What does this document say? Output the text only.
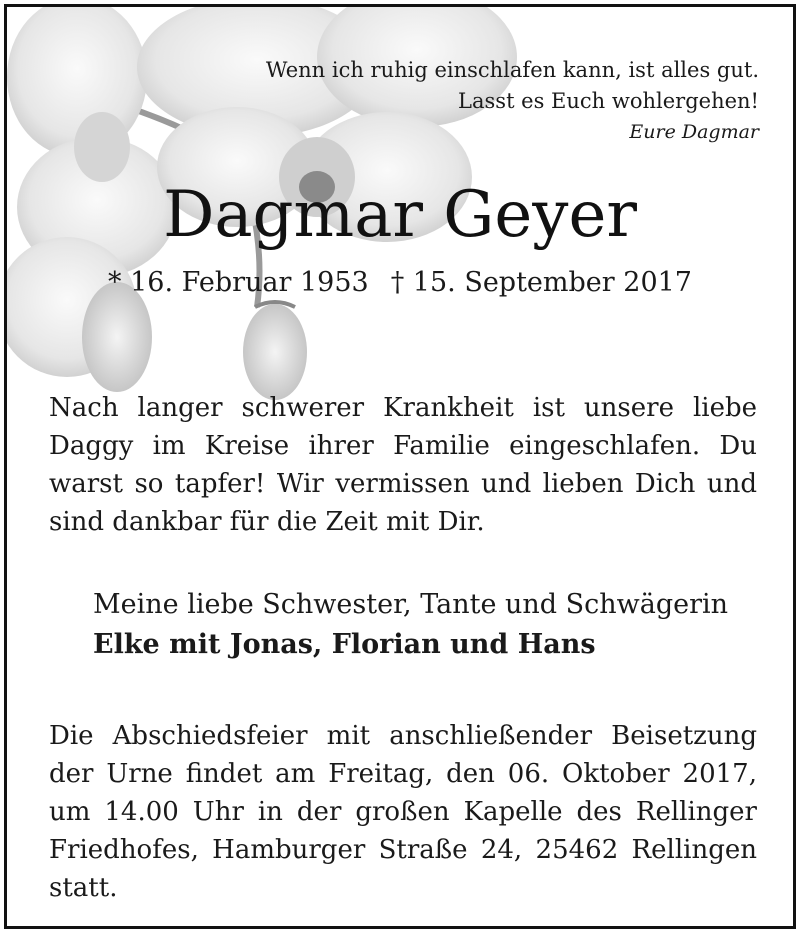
Wenn ich ruhig einschlafen kann, ist alles gut.
Lasst es Euch wohlergehen!
Eure Dagmar
Dagmar Geyer
* 16. Februar 1953 † 15. September 2017
Nach langer schwerer Krankheit ist unsere liebe Daggy im Kreise ihrer Familie eingeschlafen. Du warst so tapfer! Wir vermissen und lieben Dich und sind dankbar für die Zeit mit Dir.
Meine liebe Schwester, Tante und Schwägerin
Elke mit Jonas, Florian und Hans
Die Abschiedsfeier mit anschließender Beisetzung der Urne findet am Freitag, den 06. Oktober 2017, um 14.00 Uhr in der großen Kapelle des Rellinger Friedhofes, Hamburger Straße 24, 25462 Rellingen statt.
